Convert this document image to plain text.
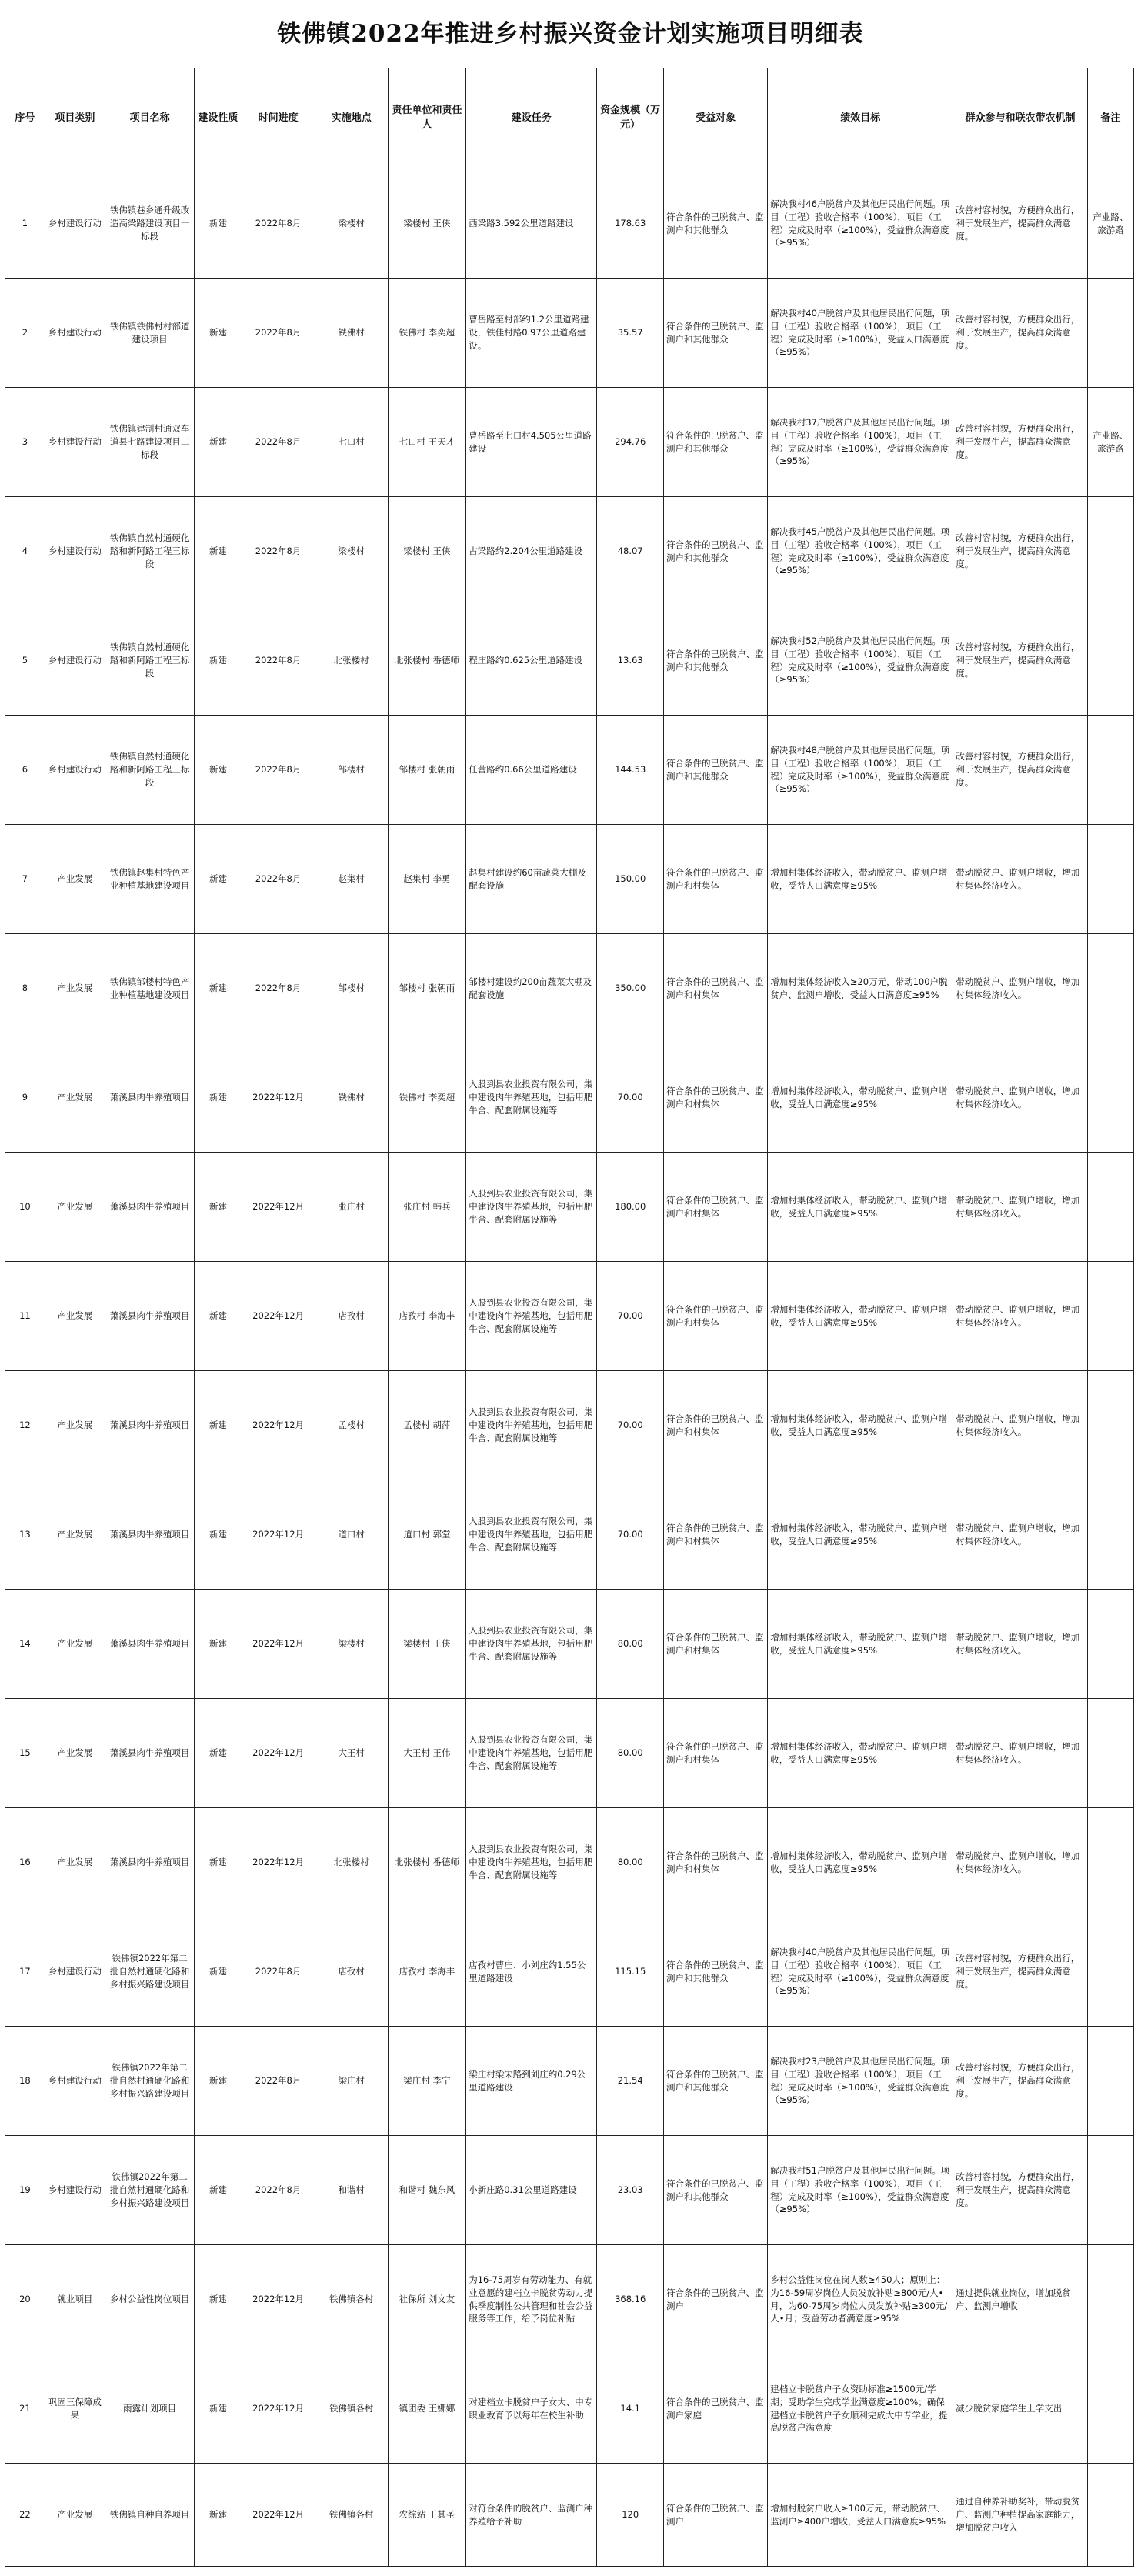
铁佛镇2022年推进乡村振兴资金计划实施项目明细表
序号	项目类别	项目名称	建设性质	时间进度	实施地点	责任单位和责任人	建设任务	资金规模（万元）	受益对象	绩效目标	群众参与和联农带农机制	备注
1	乡村建设行动	铁佛镇巷乡通升级改造高梁路建设项目一标段	新建	2022年8月	梁楼村	梁楼村 王侠	西梁路3.592公里道路建设	178.63	符合条件的已脱贫户、监测户和其他群众	解决我村46户脱贫户及其他居民出行问题。项目（工程）验收合格率（100%），项目（工程）完成及时率（≥100%），受益群众满意度（≥95%）	改善村容村貌，方便群众出行，利于发展生产，提高群众满意度。	产业路、旅游路
2	乡村建设行动	铁佛镇铁佛村村部道建设项目	新建	2022年8月	铁佛村	铁佛村 李奕超	曹岳路至村部约1.2公里道路建设，铁佳村路0.97公里道路建设。	35.57	符合条件的已脱贫户、监测户和其他群众	解决我村40户脱贫户及其他居民出行问题，项目（工程）验收合格率（100%），项目（工程）完成及时率（≥100%），受益人口满意度（≥95%）	改善村容村貌，方便群众出行，利于发展生产，提高群众满意度。	
3	乡村建设行动	铁佛镇建制村通双车道县七路建设项目二标段	新建	2022年8月	七口村	七口村 王天才	曹岳路至七口村4.505公里道路建设	294.76	符合条件的已脱贫户、监测户和其他群众	解决我村37户脱贫户及其他居民出行问题。项目（工程）验收合格率（100%），项目（工程）完成及时率（≥100%），受益群众满意度（≥95%）	改善村容村貌，方便群众出行，利于发展生产，提高群众满意度。	产业路、旅游路
4	乡村建设行动	铁佛镇自然村通硬化路和新阿路工程三标段	新建	2022年8月	梁楼村	梁楼村 王侠	古梁路约2.204公里道路建设	48.07	符合条件的已脱贫户、监测户和其他群众	解决我村45户脱贫户及其他居民出行问题。项目（工程）验收合格率（100%），项目（工程）完成及时率（≥100%），受益群众满意度（≥95%）	改善村容村貌，方便群众出行，利于发展生产，提高群众满意度。	
5	乡村建设行动	铁佛镇自然村通硬化路和新阿路工程三标段	新建	2022年8月	北张楼村	北张楼村 番德师	程庄路约0.625公里道路建设	13.63	符合条件的已脱贫户、监测户和其他群众	解决我村52户脱贫户及其他居民出行问题。项目（工程）验收合格率（100%），项目（工程）完成及时率（≥100%），受益群众满意度（≥95%）	改善村容村貌，方便群众出行，利于发展生产，提高群众满意度。	
6	乡村建设行动	铁佛镇自然村通硬化路和新阿路工程三标段	新建	2022年8月	邹楼村	邹楼村 张朝雨	任营路约0.66公里道路建设	144.53	符合条件的已脱贫户、监测户和其他群众	解决我村48户脱贫户及其他居民出行问题。项目（工程）验收合格率（100%），项目（工程）完成及时率（≥100%），受益群众满意度（≥95%）	改善村容村貌，方便群众出行，利于发展生产，提高群众满意度。	
7	产业发展	铁佛镇赵集村特色产业种植基地建设项目	新建	2022年8月	赵集村	赵集村 李勇	赵集村建设约60亩蔬菜大棚及配套设施	150.00	符合条件的已脱贫户、监测户和村集体	增加村集体经济收入，带动脱贫户、监测户增收，受益人口满意度≥95%	带动脱贫户、监测户增收，增加村集体经济收入。	
8	产业发展	铁佛镇邹楼村特色产业种植基地建设项目	新建	2022年8月	邹楼村	邹楼村 张朝雨	邹楼村建设约200亩蔬菜大棚及配套设施	350.00	符合条件的已脱贫户、监测户和村集体	增加村集体经济收入≥20万元，带动100户脱贫户、监测户增收，受益人口满意度≥95%	带动脱贫户、监测户增收，增加村集体经济收入。	
9	产业发展	萧溪县肉牛养殖项目	新建	2022年12月	铁佛村	铁佛村 李奕超	入股到县农业投资有限公司，集中建设肉牛养殖基地，包括用肥牛舍、配套附属设施等	70.00	符合条件的已脱贫户、监测户和村集体	增加村集体经济收入，带动脱贫户、监测户增收，受益人口满意度≥95%	带动脱贫户、监测户增收，增加村集体经济收入。	
10	产业发展	萧溪县肉牛养殖项目	新建	2022年12月	张庄村	张庄村 韩兵	入股到县农业投资有限公司，集中建设肉牛养殖基地，包括用肥牛舍、配套附属设施等	180.00	符合条件的已脱贫户、监测户和村集体	增加村集体经济收入，带动脱贫户、监测户增收，受益人口满意度≥95%	带动脱贫户、监测户增收，增加村集体经济收入。	
11	产业发展	萧溪县肉牛养殖项目	新建	2022年12月	店孜村	店孜村 李海丰	入股到县农业投资有限公司，集中建设肉牛养殖基地，包括用肥牛舍、配套附属设施等	70.00	符合条件的已脱贫户、监测户和村集体	增加村集体经济收入，带动脱贫户、监测户增收，受益人口满意度≥95%	带动脱贫户、监测户增收，增加村集体经济收入。	
12	产业发展	萧溪县肉牛养殖项目	新建	2022年12月	孟楼村	孟楼村 胡萍	入股到县农业投资有限公司，集中建设肉牛养殖基地，包括用肥牛舍、配套附属设施等	70.00	符合条件的已脱贫户、监测户和村集体	增加村集体经济收入，带动脱贫户、监测户增收，受益人口满意度≥95%	带动脱贫户、监测户增收，增加村集体经济收入。	
13	产业发展	萧溪县肉牛养殖项目	新建	2022年12月	道口村	道口村 郭堂	入股到县农业投资有限公司，集中建设肉牛养殖基地，包括用肥牛舍、配套附属设施等	70.00	符合条件的已脱贫户、监测户和村集体	增加村集体经济收入，带动脱贫户、监测户增收，受益人口满意度≥95%	带动脱贫户、监测户增收，增加村集体经济收入。	
14	产业发展	萧溪县肉牛养殖项目	新建	2022年12月	梁楼村	梁楼村 王侠	入股到县农业投资有限公司，集中建设肉牛养殖基地，包括用肥牛舍、配套附属设施等	80.00	符合条件的已脱贫户、监测户和村集体	增加村集体经济收入，带动脱贫户、监测户增收，受益人口满意度≥95%	带动脱贫户、监测户增收，增加村集体经济收入。	
15	产业发展	萧溪县肉牛养殖项目	新建	2022年12月	大王村	大王村 王伟	入股到县农业投资有限公司，集中建设肉牛养殖基地，包括用肥牛舍、配套附属设施等	80.00	符合条件的已脱贫户、监测户和村集体	增加村集体经济收入，带动脱贫户、监测户增收，受益人口满意度≥95%	带动脱贫户、监测户增收，增加村集体经济收入。	
16	产业发展	萧溪县肉牛养殖项目	新建	2022年12月	北张楼村	北张楼村 番德师	入股到县农业投资有限公司，集中建设肉牛养殖基地，包括用肥牛舍、配套附属设施等	80.00	符合条件的已脱贫户、监测户和村集体	增加村集体经济收入，带动脱贫户、监测户增收，受益人口满意度≥95%	带动脱贫户、监测户增收，增加村集体经济收入。	
17	乡村建设行动	铁佛镇2022年第二批自然村通硬化路和乡村振兴路建设项目	新建	2022年8月	店孜村	店孜村 李海丰	店孜村曹庄、小刘庄约1.55公里道路建设	115.15	符合条件的已脱贫户、监测户和其他群众	解决我村40户脱贫户及其他居民出行问题。项目（工程）验收合格率（100%），项目（工程）完成及时率（≥100%），受益群众满意度（≥95%）	改善村容村貌，方便群众出行，利于发展生产，提高群众满意度。	
18	乡村建设行动	铁佛镇2022年第二批自然村通硬化路和乡村振兴路建设项目	新建	2022年8月	梁庄村	梁庄村 李宁	梁庄村梁宋路到刘庄约0.29公里道路建设	21.54	符合条件的已脱贫户、监测户和其他群众	解决我村23户脱贫户及其他居民出行问题。项目（工程）验收合格率（100%），项目（工程）完成及时率（≥100%），受益群众满意度（≥95%）	改善村容村貌，方便群众出行，利于发展生产，提高群众满意度。	
19	乡村建设行动	铁佛镇2022年第二批自然村通硬化路和乡村振兴路建设项目	新建	2022年8月	和谐村	和谐村 魏东风	小新庄路0.31公里道路建设	23.03	符合条件的已脱贫户、监测户和其他群众	解决我村51户脱贫户及其他居民出行问题。项目（工程）验收合格率（100%），项目（工程）完成及时率（≥100%），受益群众满意度（≥95%）	改善村容村貌，方便群众出行，利于发展生产，提高群众满意度。	
20	就业项目	乡村公益性岗位项目	新建	2022年12月	铁佛镇各村	社保所 刘文友	为16-75周岁有劳动能力、有就业意愿的建档立卡脱贫劳动力提供季度制性公共管理和社会公益服务等工作，给予岗位补贴	368.16	符合条件的已脱贫户、监测户	乡村公益性岗位在岗人数≥450人；原则上：为16-59周岁岗位人员发放补贴≥800元/人•月，为60-75周岁岗位人员发放补贴≥300元/人•月；受益劳动者满意度≥95%	通过提供就业岗位，增加脱贫户、监测户增收	
21	巩固三保障成果	雨露计划项目	新建	2022年12月	铁佛镇各村	镇团委 王娜娜	对建档立卡脱贫户子女大、中专职业教育予以每年在校生补助	14.1	符合条件的已脱贫户、监测户家庭	建档立卡脱贫户子女资助标准≥1500元/学期；受助学生完成学业满意度≥100%；确保建档立卡脱贫户子女顺利完成大中专学业，提高脱贫户满意度	减少脱贫家庭学生上学支出	
22	产业发展	铁佛镇自种自养项目	新建	2022年12月	铁佛镇各村	农综站 王其圣	对符合条件的脱贫户、监测户种养殖给予补助	120	符合条件的已脱贫户、监测户	增加村脱贫户收入≥100万元，带动脱贫户、监测户≥400户增收，受益人口满意度≥95%	通过自种养补助奖补，带动脱贫户、监测户种植提高家庭能力，增加脱贫户收入	
